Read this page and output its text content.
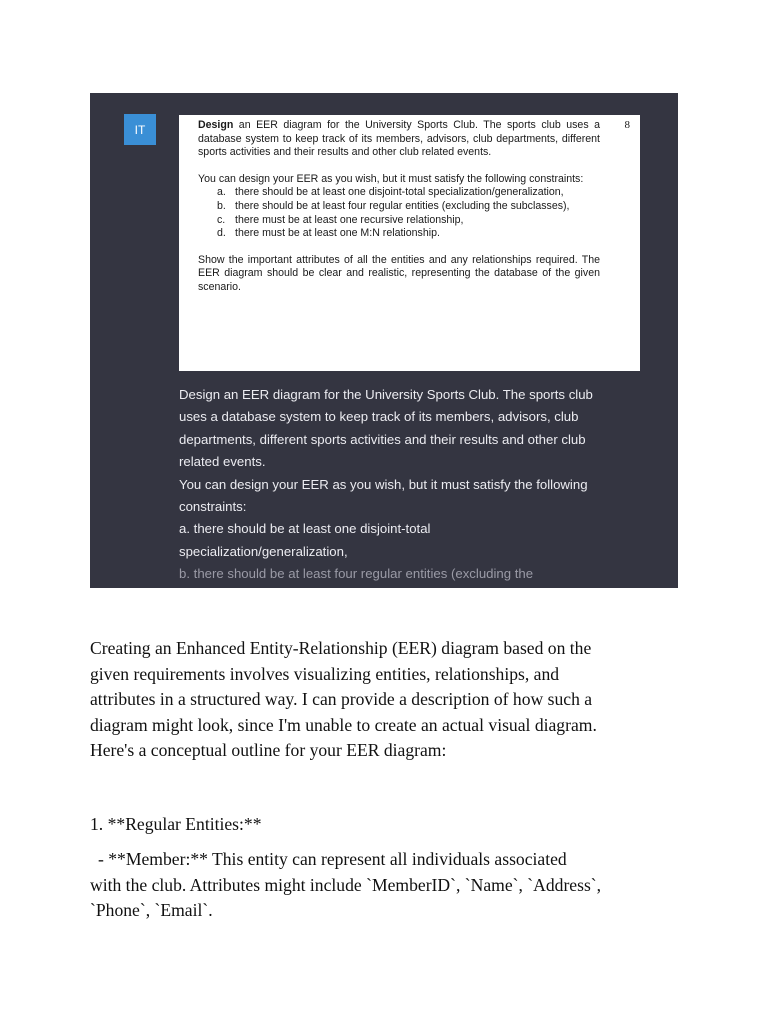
IT	8

Design an EER diagram for the University Sports Club. The sports club uses a database system to keep track of its members, advisors, club departments, different sports activities and their results and other club related events.

You can design your EER as you wish, but it must satisfy the following constraints:

a. there should be at least one disjoint-total specialization/generalization,
b. there should be at least four regular entities (excluding the subclasses),
c. there must be at least one recursive relationship,
d. there must be at least one M:N relationship.

Show the important attributes of all the entities and any relationships required. The EER diagram should be clear and realistic, representing the database of the given scenario.

Design an EER diagram for the University Sports Club. The sports club
uses a database system to keep track of its members, advisors, club
departments, different sports activities and their results and other club
related events.
You can design your EER as you wish, but it must satisfy the following
constraints:
a. there should be at least one disjoint-total
specialization/generalization,
b. there should be at least four regular entities (excluding the

Creating an Enhanced Entity-Relationship (EER) diagram based on the

given requirements involves visualizing entities, relationships, and

attributes in a structured way. I can provide a description of how such a

diagram might look, since I'm unable to create an actual visual diagram.

Here's a conceptual outline for your EER diagram:

1. **Regular Entities:**
- **Member:** This entity can represent all individuals associated
with the club. Attributes might include `MemberID`, `Name`, `Address`,
`Phone`, `Email`.
